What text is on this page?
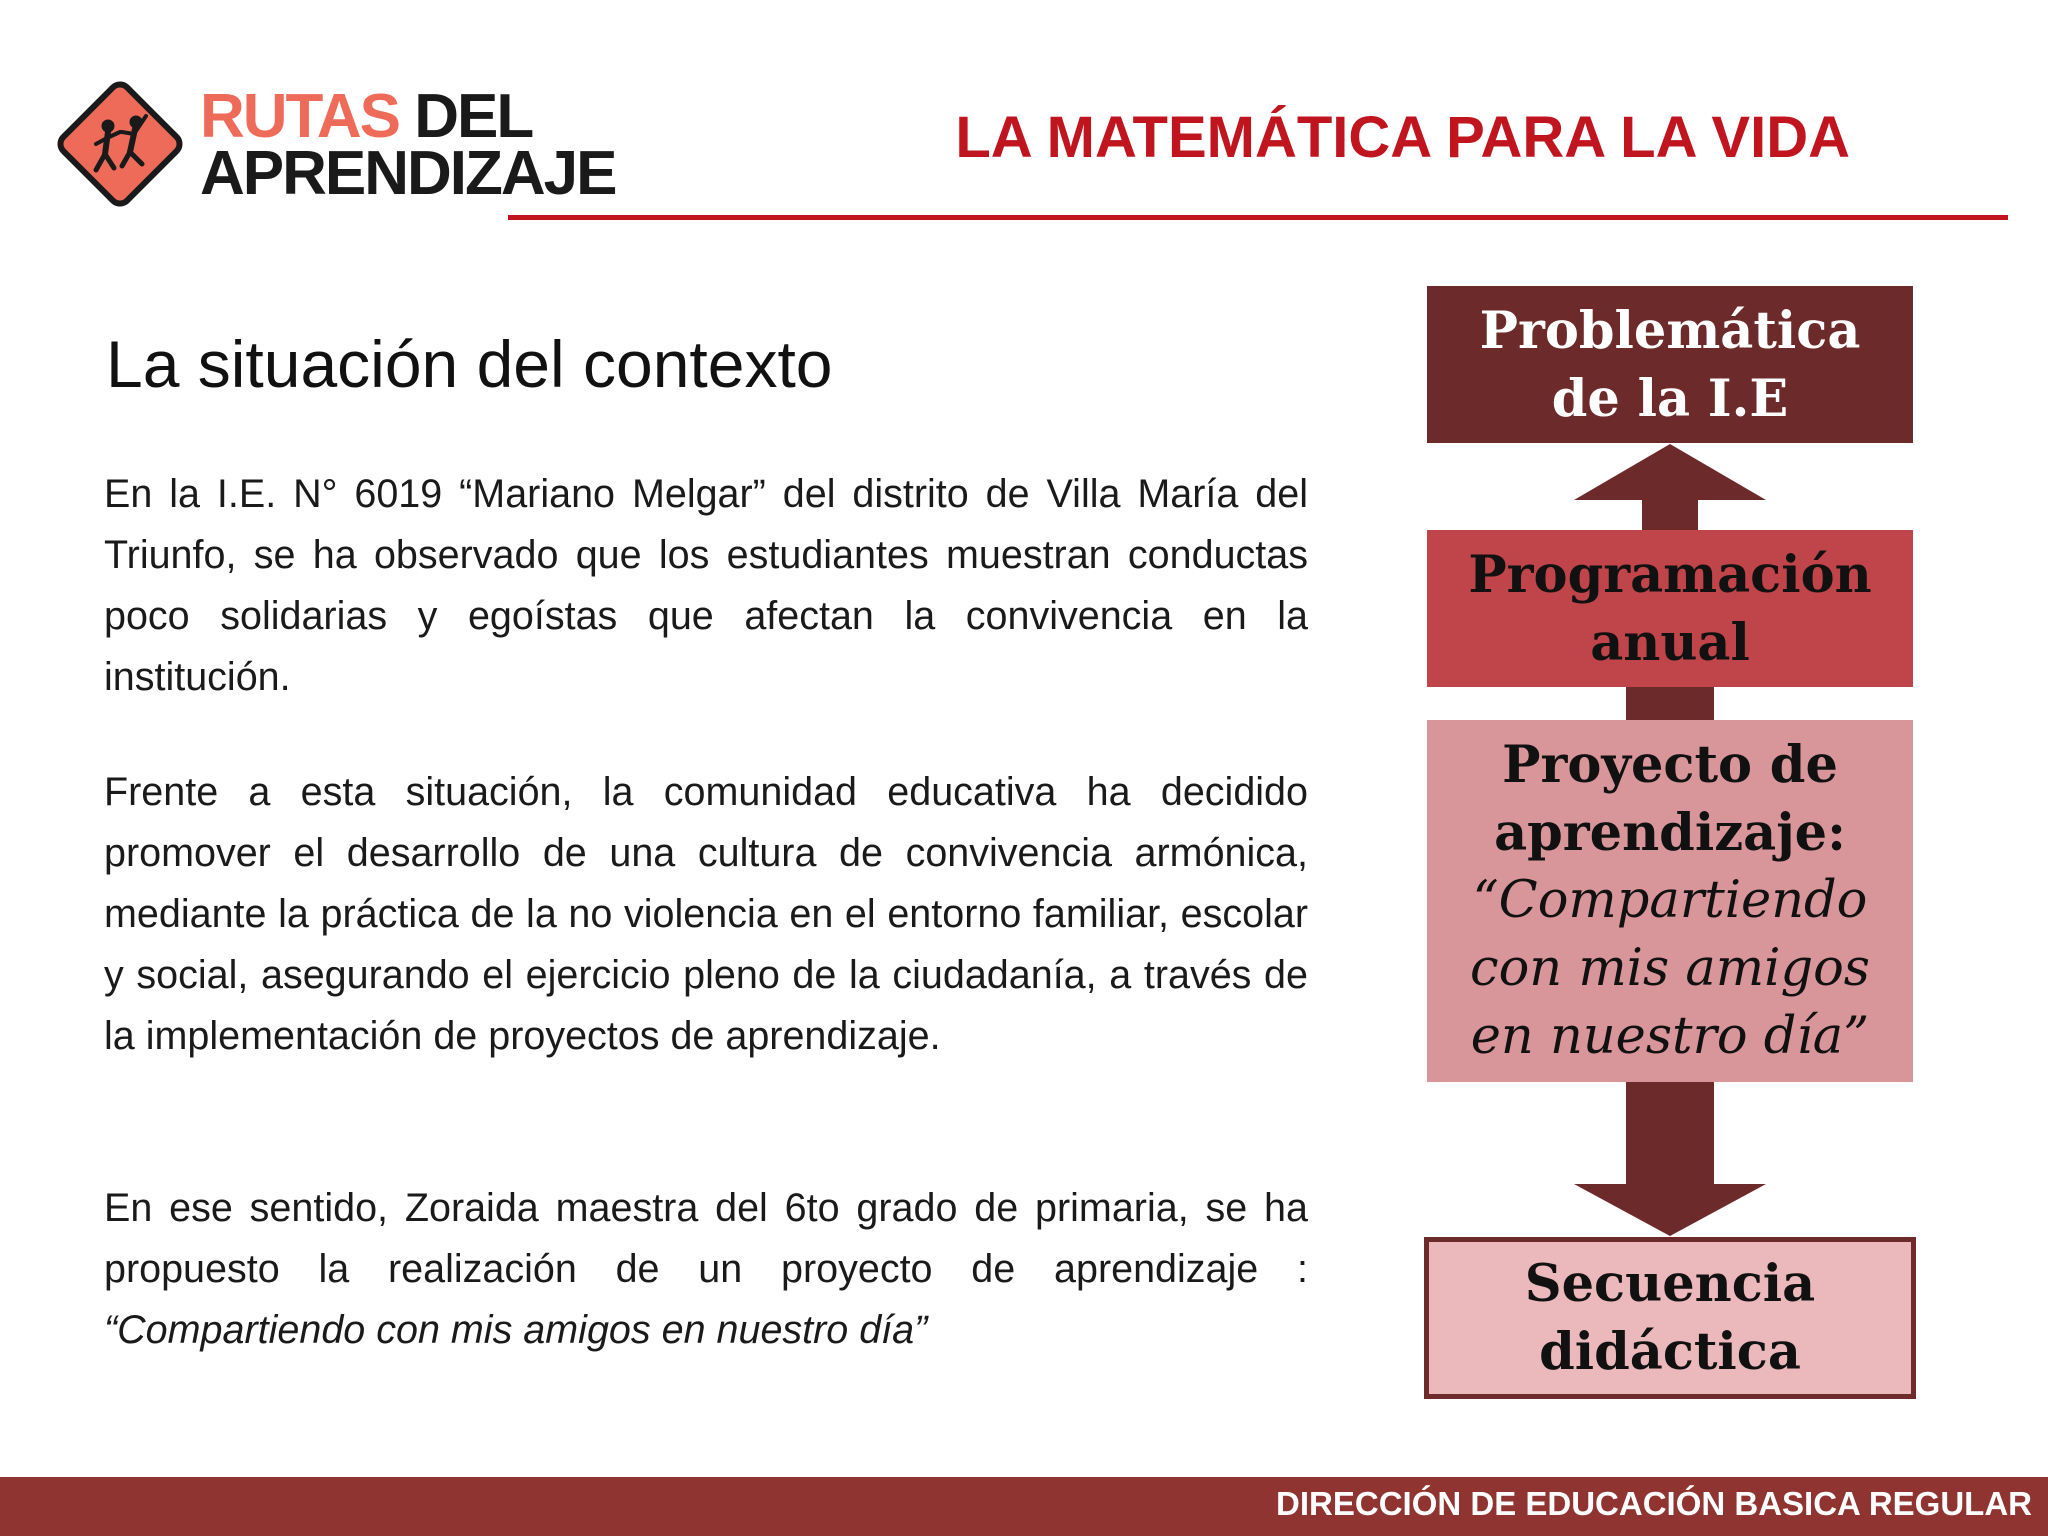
RUTAS DEL
APRENDIZAJE
LA MATEMÁTICA PARA LA VIDA
La situación del contexto
En la I.E. N° 6019 “Mariano Melgar” del distrito de Villa María del Triunfo, se ha observado que los estudiantes muestran conductas poco solidarias y egoístas que afectan la convivencia en la institución.
Frente a esta situación, la comunidad educativa ha decidido promover el desarrollo de una cultura de convivencia armónica, mediante la práctica de la no violencia en el entorno familiar, escolar y social, asegurando el ejercicio pleno de la ciudadanía, a través de la implementación de proyectos de aprendizaje.
En ese sentido, Zoraida maestra del 6to grado de primaria, se ha propuesto la realización de un proyecto de aprendizaje : “Compartiendo con mis amigos en nuestro día”
Problemática
de la I.E
Programación
anual
Proyecto de
aprendizaje:
“Compartiendo
con mis amigos
en nuestro día”
Secuencia
didáctica
DIRECCIÓN DE EDUCACIÓN BASICA REGULAR
